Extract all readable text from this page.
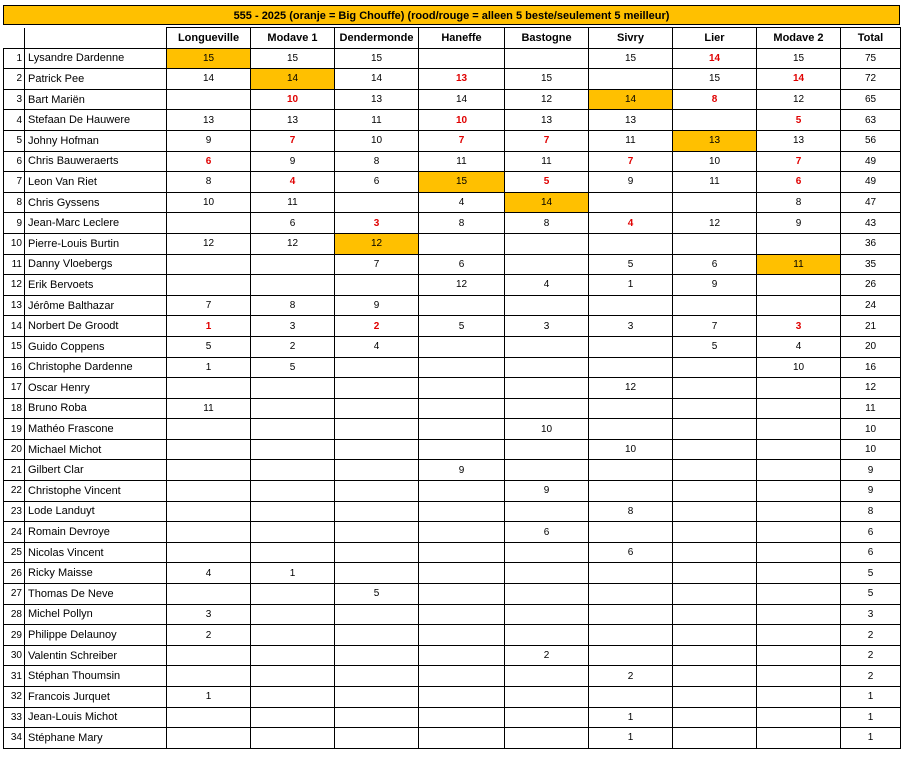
555 - 2025 (oranje = Big Chouffe) (rood/rouge = alleen 5 beste/seulement 5 meilleur)
		Longueville	Modave 1	Dendermonde	Haneffe	Bastogne	Sivry	Lier	Modave 2	Total
1	Lysandre Dardenne	15	15	15			15	14	15	75
2	Patrick Pee	14	14	14	13	15		15	14	72
3	Bart Mariën		10	13	14	12	14	8	12	65
4	Stefaan De Hauwere	13	13	11	10	13	13		5	63
5	Johny Hofman	9	7	10	7	7	11	13	13	56
6	Chris Bauweraerts	6	9	8	11	11	7	10	7	49
7	Leon Van Riet	8	4	6	15	5	9	11	6	49
8	Chris Gyssens	10	11		4	14			8	47
9	Jean-Marc Leclere		6	3	8	8	4	12	9	43
10	Pierre-Louis Burtin	12	12	12						36
11	Danny Vloebergs			7	6		5	6	11	35
12	Erik Bervoets				12	4	1	9		26
13	Jérôme Balthazar	7	8	9						24
14	Norbert De Groodt	1	3	2	5	3	3	7	3	21
15	Guido Coppens	5	2	4				5	4	20
16	Christophe Dardenne	1	5						10	16
17	Oscar Henry						12			12
18	Bruno Roba	11								11
19	Mathéo Frascone					10				10
20	Michael Michot						10			10
21	Gilbert Clar				9					9
22	Christophe Vincent					9				9
23	Lode Landuyt						8			8
24	Romain Devroye					6				6
25	Nicolas Vincent						6			6
26	Ricky Maisse	4	1							5
27	Thomas De Neve			5						5
28	Michel Pollyn	3								3
29	Philippe Delaunoy	2								2
30	Valentin Schreiber					2				2
31	Stéphan Thoumsin						2			2
32	Francois Jurquet	1								1
33	Jean-Louis Michot						1			1
34	Stéphane Mary						1			1
